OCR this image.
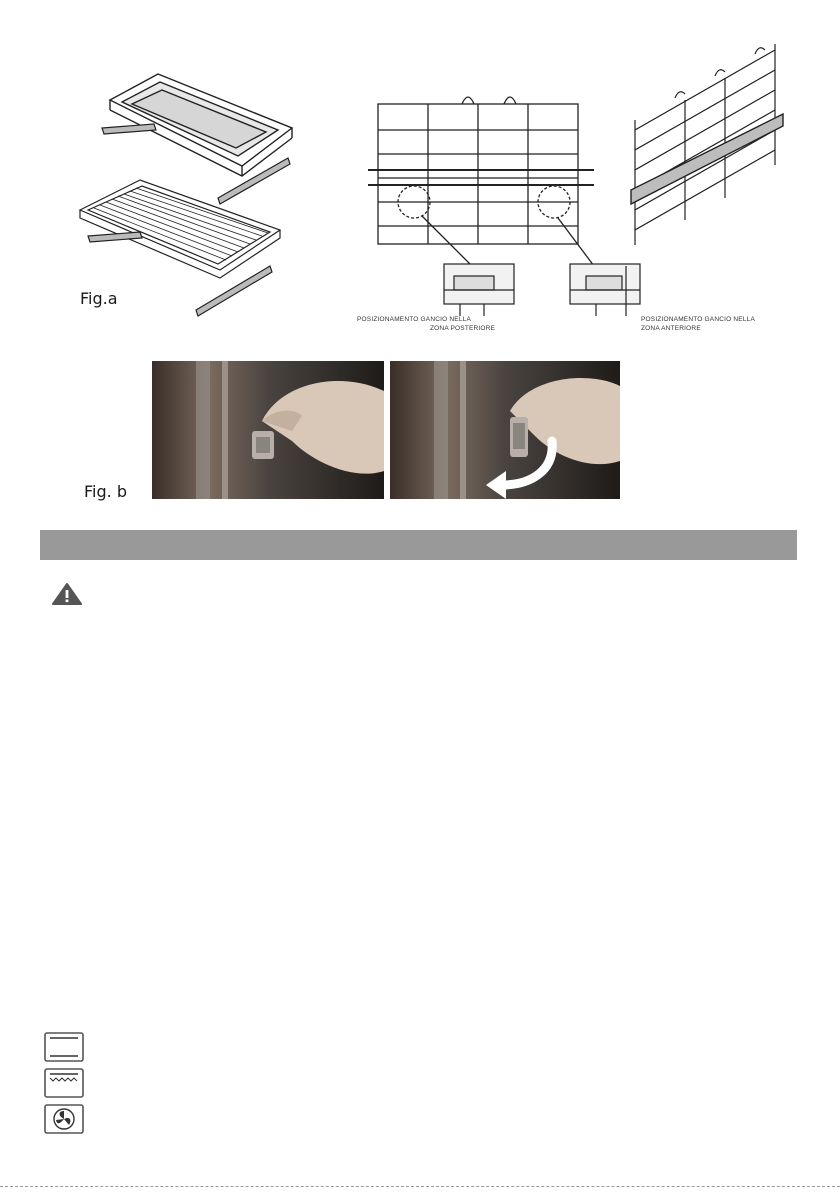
Fig.a
POSIZIONAMENTO GANCIO NELLA
ZONA POSTERIORE
POSIZIONAMENTO GANCIO NELLA
ZONA ANTERIORE
Fig. b
